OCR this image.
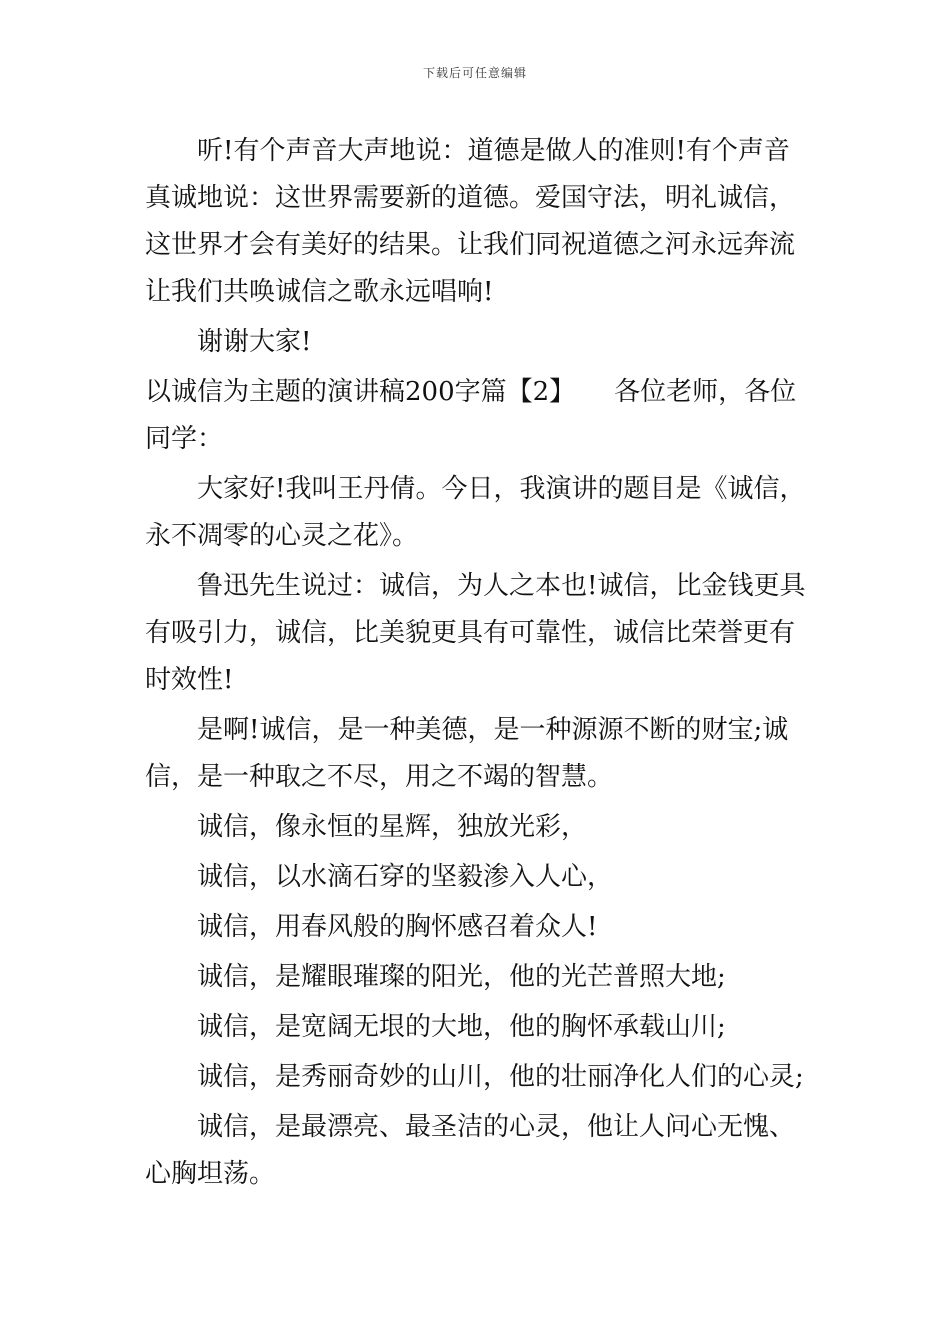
下载后可任意编辑

听!有个声音大声地说：道德是做人的准则!有个声音
真诚地说：这世界需要新的道德。爱国守法，明礼诚信，
这世界才会有美好的结果。让我们同祝道德之河永远奔流
让我们共唤诚信之歌永远唱响!

谢谢大家!

以诚信为主题的演讲稿200字篇【2】　　各位老师，各位
同学：

大家好!我叫王丹倩。今日，我演讲的题目是《诚信，
永不凋零的心灵之花》。

鲁迅先生说过：诚信，为人之本也!诚信，比金钱更具
有吸引力，诚信，比美貌更具有可靠性，诚信比荣誉更有
时效性!

是啊!诚信，是一种美德，是一种源源不断的财宝;诚
信，是一种取之不尽，用之不竭的智慧。

诚信，像永恒的星辉，独放光彩，

诚信，以水滴石穿的坚毅渗入人心，

诚信，用春风般的胸怀感召着众人!

诚信，是耀眼璀璨的阳光，他的光芒普照大地;

诚信，是宽阔无垠的大地，他的胸怀承载山川;

诚信，是秀丽奇妙的山川，他的壮丽净化人们的心灵;

诚信，是最漂亮、最圣洁的心灵，他让人问心无愧、
心胸坦荡。
